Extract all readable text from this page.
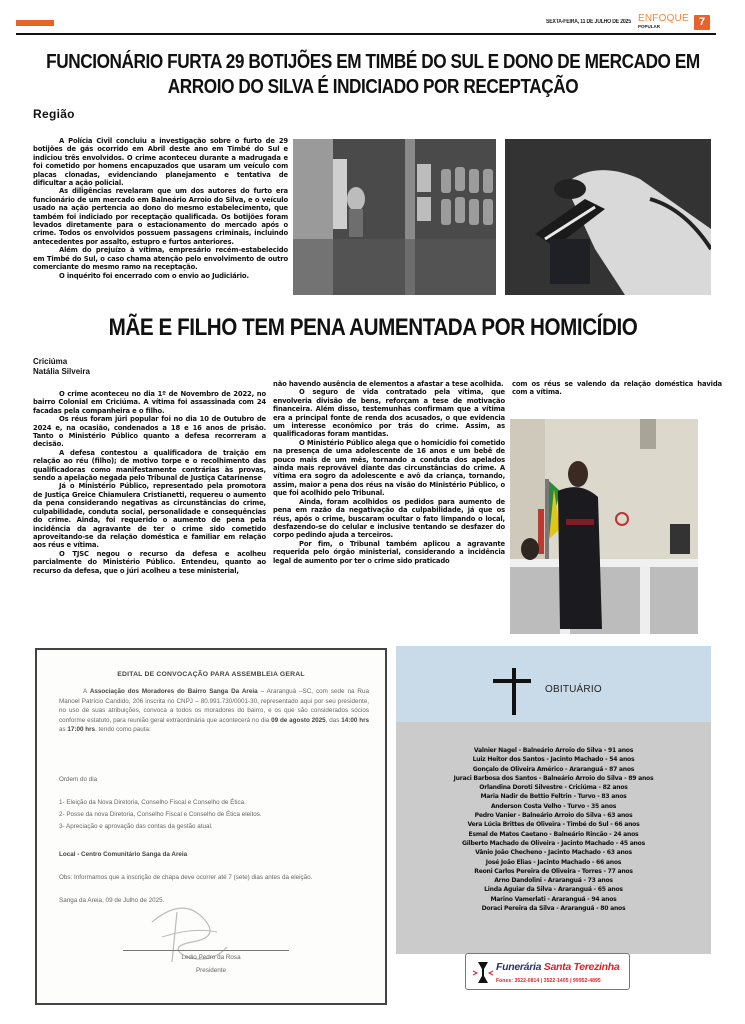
SEXTA-FEIRA, 11 DE JULHO DE 2025 ENFOQUE
POPULAR	7
FUNCIONÁRIO FURTA 29 BOTIJÕES EM TIMBÉ DO SUL E DONO DE MERCADO EM ARROIO DO SILVA É INDICIADO POR RECEPTAÇÃO
Região

A Polícia Civil concluiu a investigação sobre o furto de 29 botijões de gás ocorrido em Abril deste ano em Timbé do Sul e indiciou três envolvidos. O crime aconteceu durante a madrugada e foi cometido por homens encapuzados que usaram um veículo com placas clonadas, evidenciando planejamento e tentativa de dificultar a ação policial.

As diligências revelaram que um dos autores do furto era funcionário de um mercado em Balneário Arroio do Silva, e o veículo usado na ação pertencia ao dono do mesmo estabelecimento, que também foi indiciado por receptação qualificada. Os botijões foram levados diretamente para o estacionamento do mercado após o crime. Todos os envolvidos possuem passagens criminais, incluindo antecedentes por assalto, estupro e furtos anteriores.

Além do prejuízo à vítima, empresário recém-estabelecido em Timbé do Sul, o caso chama atenção pelo envolvimento de outro comerciante do mesmo ramo na receptação.

O inquérito foi encerrado com o envio ao Judiciário.

MÃE E FILHO TEM PENA AUMENTADA POR HOMICÍDIO
Criciúma
Natália Silveira

O crime aconteceu no dia 1º de Novembro de 2022, no bairro Colonial em Criciúma. A vítima foi assassinada com 24 facadas pela companheira e o filho.

Os réus foram júri popular foi no dia 10 de Outubro de 2024 e, na ocasião, condenados a 18 e 16 anos de prisão. Tanto o Ministério Público quanto a defesa recorreram a decisão.

A defesa contestou a qualificadora de traição em relação ao réu (filho); de motivo torpe e o recolhimento das qualificadoras como manifestamente contrárias às provas, sendo a apelação negada pelo Tribunal de Justiça Catarinense

Já o Ministério Público, representado pela promotora de Justiça Greice Chiamulera Cristianetti, requereu o aumento da pena considerando negativas as circunstâncias do crime, culpabilidade, conduta social, personalidade e consequências do crime. Ainda, foi requerido o aumento de pena pela incidência da agravante de ter o crime sido cometido aproveitando-se da relação doméstica e familiar em relação aos réus e vítima.

O TJSC negou o recurso da defesa e acolheu parcialmente do Ministério Público. Entendeu, quanto ao recurso da defesa, que o júri acolheu a tese ministerial,

não havendo ausência de elementos a afastar a tese acolhida.

O seguro de vida contratado pela vítima, que envolveria divisão de bens, reforçam a tese de motivação financeira. Além disso, testemunhas confirmam que a vítima era a principal fonte de renda dos acusados, o que evidencia um interesse econômico por trás do crime. Assim, as qualificadoras foram mantidas.

O Ministério Público alega que o homicídio foi cometido na presença de uma adolescente de 16 anos e um bebê de pouco mais de um mês, tornando a conduta dos apelados ainda mais reprovável diante das circunstâncias do crime. A vítima era sogro da adolescente e avô da criança, tornando, assim, maior a pena dos réus na visão do Ministério Público, o que foi acolhido pelo Tribunal.

Ainda, foram acolhidos os pedidos para aumento de pena em razão da negativação da culpabilidade, já que os réus, após o crime, buscaram ocultar o fato limpando o local, desfazendo-se do celular e inclusive tentando se desfazer do corpo pedindo ajuda a terceiros.

Por fim, o Tribunal também aplicou a agravante requerida pelo órgão ministerial, considerando a incidência legal de aumento por ter o crime sido praticado

com os réus se valendo da relação doméstica havida com a vítima.

EDITAL DE CONVOCAÇÃO PARA ASSEMBLEIA GERAL
A Associação dos Moradores do Bairro Sanga Da Areia – Araranguá –SC, com sede na Rua Manoel Patrício Candido, 206 inscrita no CNPJ – 80.991.730/0001-30, representado aqui por seu presidente, no uso de suas atribuições, convoca a todos os moradores do bairro, e os que são considerados sócios conforme estatuto, para reunião geral extraordinária que acontecerá no dia 09 de agosto 2025, das 14:00 hrs as 17:00 hrs. tendo como pauta:
Ordem do dia
1- Eleição da Nova Diretoria, Conselho Fiscal e Conselho de Ética.
2- Posse da nova Diretoria, Conselho Fiscal e Conselho de Ética eleitos.
3- Apreciação e aprovação das contas da gestão atual.
Local - Centro Comunitário Sanga da Areia
Obs: Informamos que a inscrição de chapa deve ocorrer até 7 (sete) dias antes da eleição.
Sanga da Areia, 09 de Julho de 2025.
Ledio Pedro da Rosa
Presidente
OBITUÁRIO
Valnier Nagel - Balneário Arroio do Silva - 91 anos
Luiz Heitor dos Santos - Jacinto Machado - 54 anos
Gonçalo de Oliveira Américo - Araranguá - 87 anos
Juraci Barbosa dos Santos - Balneário Arroio do Silva - 89 anos
Orlandina Doroti Silvestre - Criciúma - 82 anos
Maria Nadir de Bettio Feltrin - Turvo - 83 anos
Anderson Costa Velho - Turvo - 35 anos
Pedro Vanier - Balneário Arroio do Silva - 63 anos
Vera Lúcia Brittes de Oliveira - Timbé do Sul - 66 anos
Esmal de Matos Caetano - Balneário Rincão - 24 anos
Gilberto Machado de Oliveira - Jacinto Machado - 45 anos
Vânio João Checheno - Jacinto Machado - 63 anos
José João Elias - Jacinto Machado - 66 anos
Reoni Carlos Pereira de Oliveira - Torres - 77 anos
Arno Dandolini - Araranguá - 73 anos
Linda Aguiar da Silva - Araranguá - 65 anos
Marino Vamerlati - Araranguá - 94 anos
Doraci Pereira da Silva - Araranguá - 80 anos
Funerária Santa Terezinha
Fones: 3522-0814 | 3522-1405 | 99952-4895
